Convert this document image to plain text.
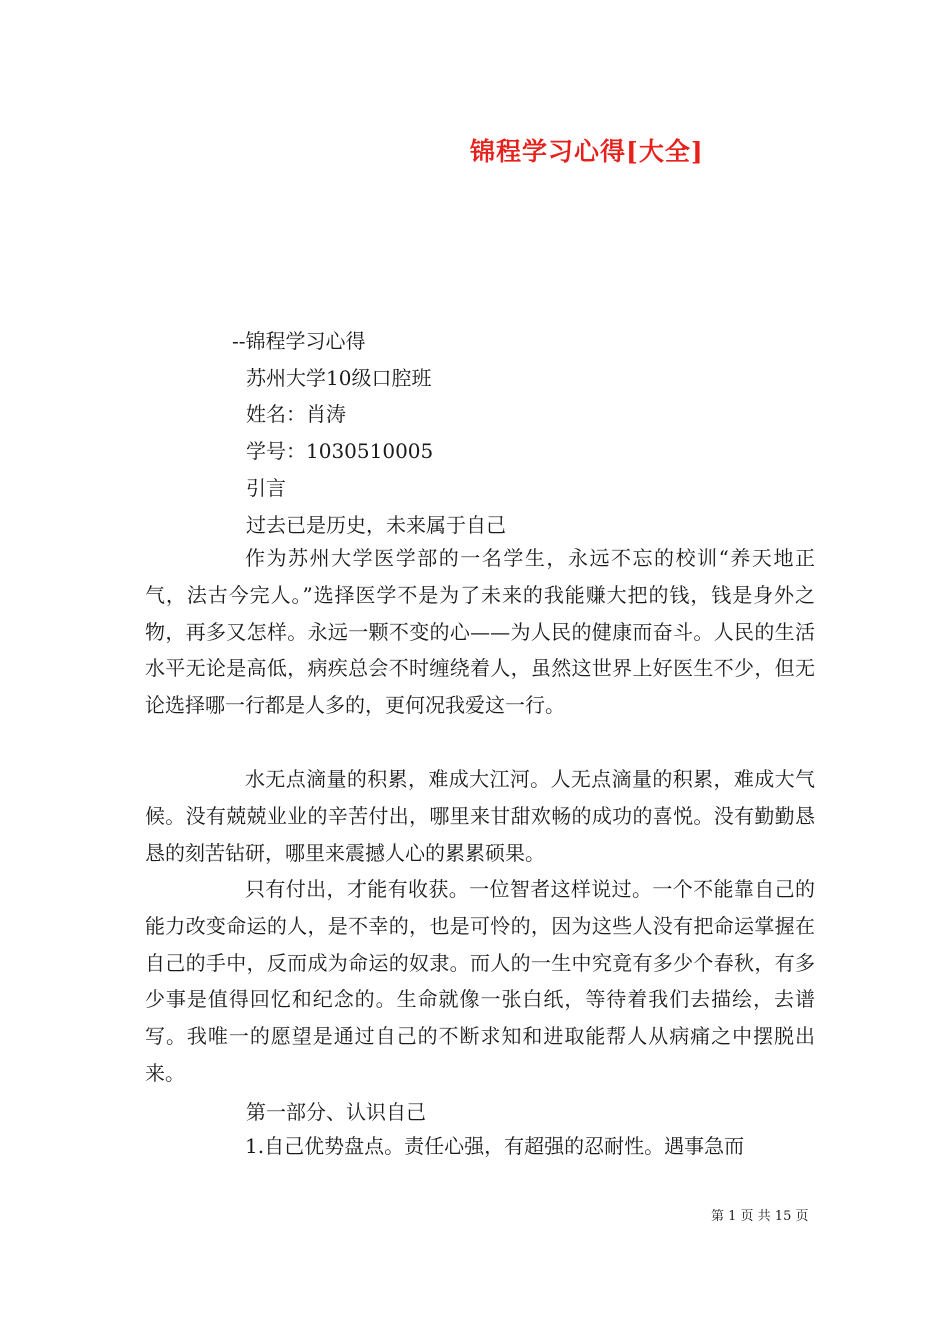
锦程学习心得[大全]
--锦程学习心得
苏州大学10级口腔班
姓名：肖涛
学号：1030510005
引言
过去已是历史，未来属于自己

作为苏州大学医学部的一名学生，永远不忘的校训“养天地正气，法古今完人。”选择医学不是为了未来的我能赚大把的钱，钱是身外之物，再多又怎样。永远一颗不变的心——为人民的健康而奋斗。人民的生活水平无论是高低，病疾总会不时缠绕着人，虽然这世界上好医生不少，但无论选择哪一行都是人多的，更何况我爱这一行。

水无点滴量的积累，难成大江河。人无点滴量的积累，难成大气候。没有兢兢业业的辛苦付出，哪里来甘甜欢畅的成功的喜悦。没有勤勤恳恳的刻苦钻研，哪里来震撼人心的累累硕果。

只有付出，才能有收获。一位智者这样说过。一个不能靠自己的能力改变命运的人，是不幸的，也是可怜的，因为这些人没有把命运掌握在自己的手中，反而成为命运的奴隶。而人的一生中究竟有多少个春秋，有多少事是值得回忆和纪念的。生命就像一张白纸，等待着我们去描绘，去谱写。我唯一的愿望是通过自己的不断求知和进取能帮人从病痛之中摆脱出来。

第一部分、认识自己

1.自己优势盘点。责任心强，有超强的忍耐性。遇事急而

第 1 页 共 15 页
